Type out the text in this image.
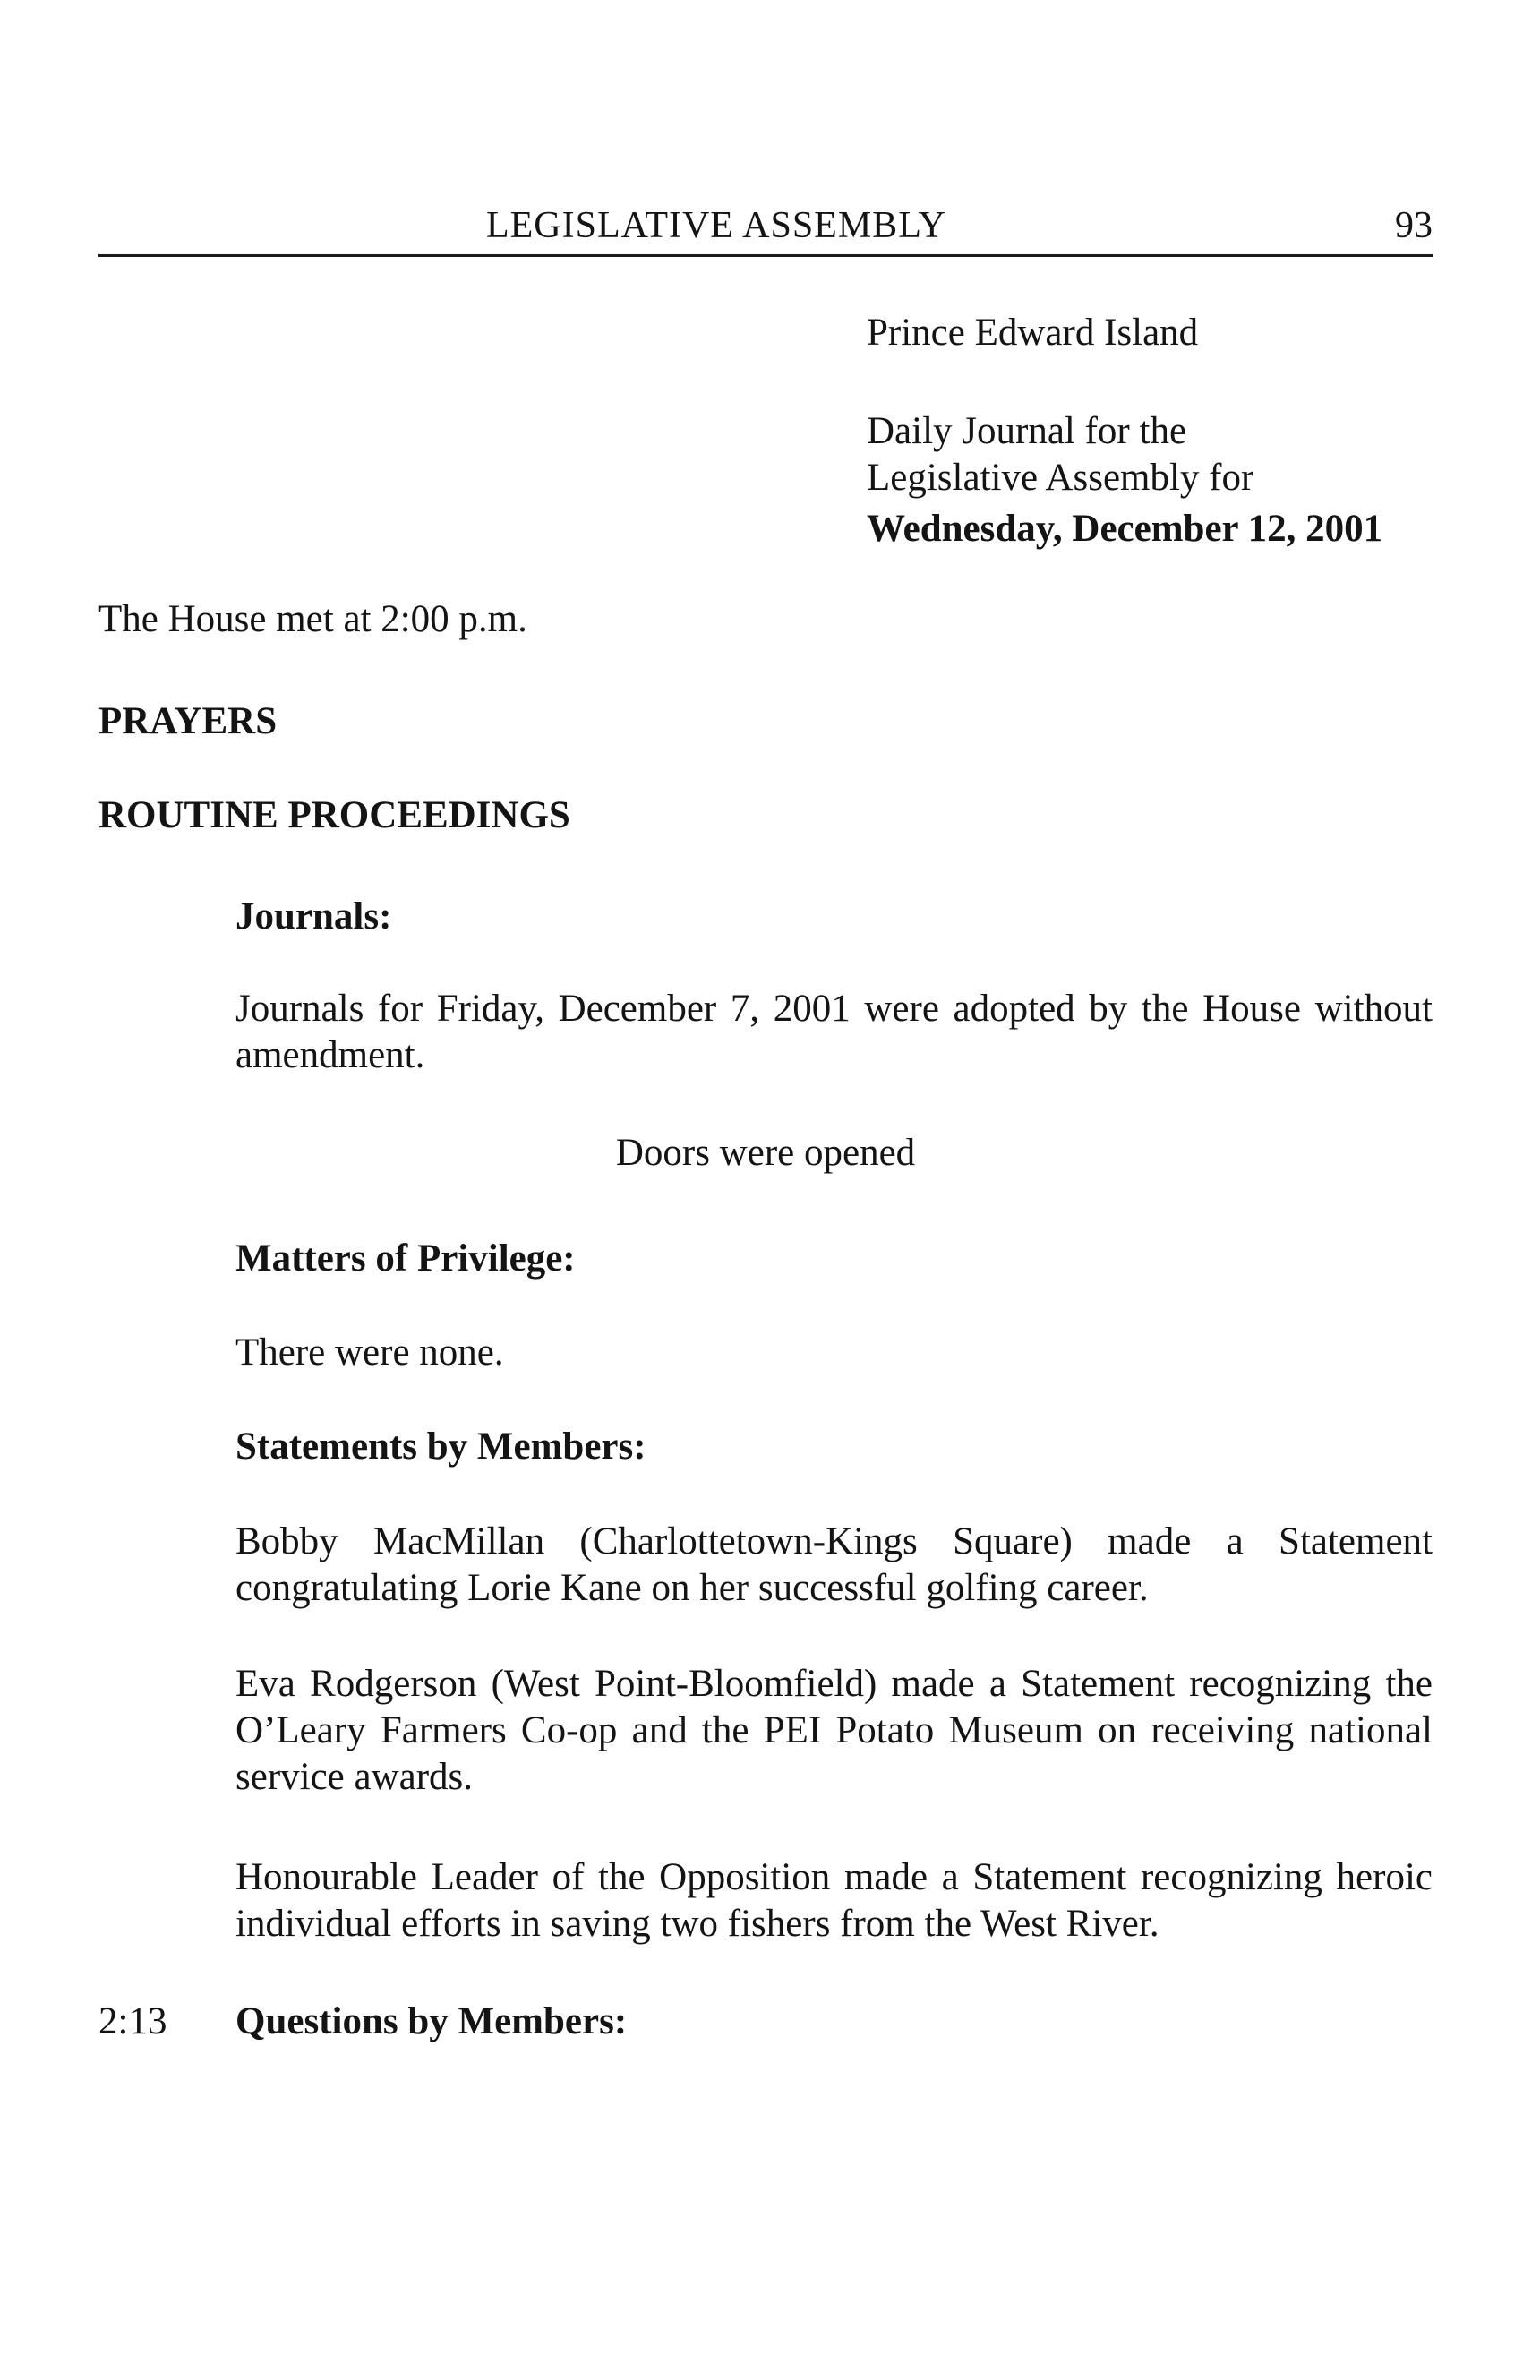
LEGISLATIVE ASSEMBLY	93

Prince Edward Island

Daily Journal for the

Legislative Assembly for

Wednesday, December 12, 2001

The House met at 2:00 p.m.

PRAYERS

ROUTINE PROCEEDINGS

Journals:

Journals for Friday, December 7, 2001 were adopted by the House without amendment.

Doors were opened

Matters of Privilege:

There were none.

Statements by Members:

Bobby MacMillan (Charlottetown-Kings Square) made a Statement congratulating Lorie Kane on her successful golfing career.

Eva Rodgerson (West Point-Bloomfield) made a Statement recognizing the O’Leary Farmers Co-op and the PEI Potato Museum on receiving national service awards.

Honourable Leader of the Opposition made a Statement recognizing heroic individual efforts in saving two fishers from the West River.

2:13 Questions by Members:
